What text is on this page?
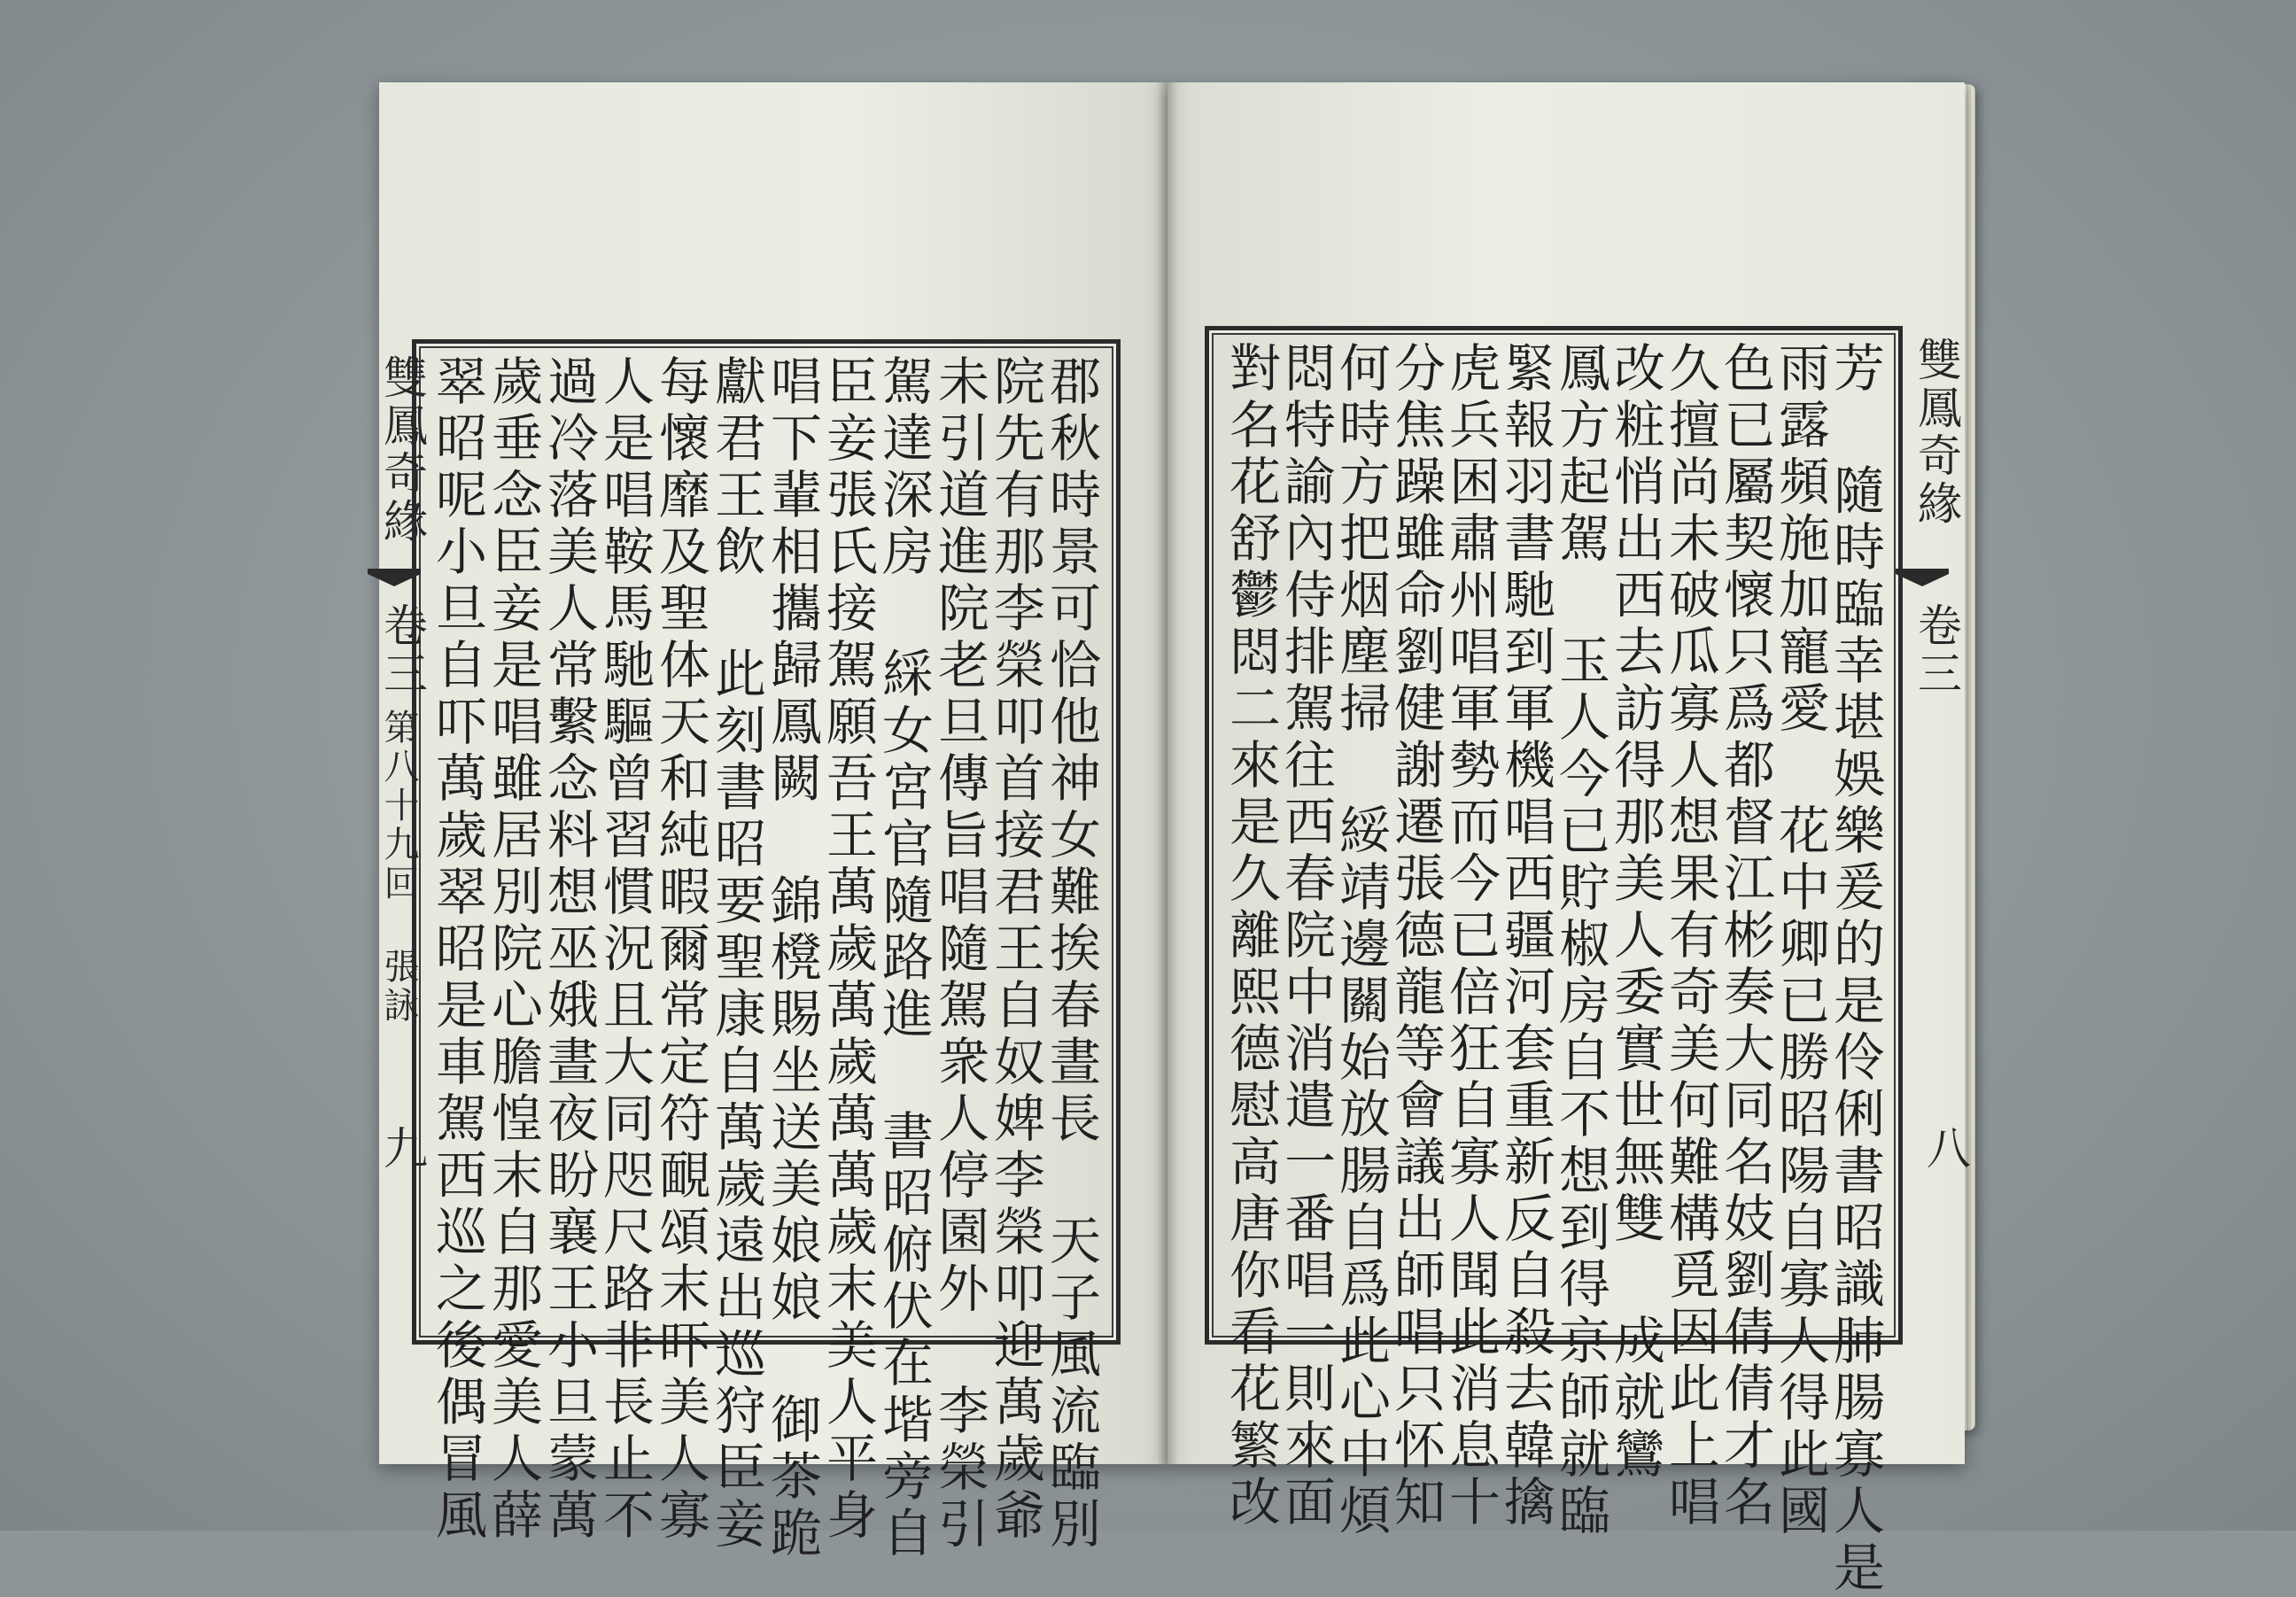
雙鳳奇緣
卷三
第八十九回 張詠
九	郡秋時景可恰他神女難挨春晝長 天子風流臨別
院先有那李榮叩首接君王自奴婢李榮叩迎萬歲爺
未引道進院老旦傳旨唱隨駕衆人停園外 李榮引
駕達深房 綵女宮官隨路進 書昭俯伏在堦旁自
臣妾張氏接駕願吾王萬歲萬歲萬萬歲末美人平身
唱下輩相攜歸鳳闕 錦櫈賜坐送美娘娘 御茶跪
獻君王飲 此刻書昭要聖康自萬歲遠出巡狩臣妾
每懷靡及聖体天和純暇爾常定符靦頌末吓美人寡
人是唱鞍馬馳驅曾習慣況且大同咫尺路非長止不
過冷落美人常繫念料想巫娥晝夜盼襄王小旦蒙萬
歲垂念臣妾是唱雖居別院心膽惶末自那愛美人薛
翠昭呢小旦自吓萬歲翠昭是車駕西巡之後偶冒風	雙鳳奇緣
卷三
八
芳 隨時臨幸堪娛樂爰的是伶俐書昭識肺腸寡人是
雨露頻施加寵愛 花中卿已勝昭陽自寡人得此國
色已屬契懷只爲都督江彬奏大同名妓劉倩倩才名
久擅尚未破瓜寡人想果有奇美何難構覓因此上唱
改粧悄出西去訪得那美人委實世無雙 成就鸞
鳳方起駕 玉人今已貯椒房自不想到得京師就臨
緊報羽書馳到軍機唱西疆河套重新反自殺去韓擒
虎兵困肅州唱軍勢而今已倍狂自寡人聞此消息十
分焦躁雖命劉健謝遷張德龍等會議出師唱只怀知
何時方把烟塵掃 綏靖邊關始放腸自爲此心中煩
悶特諭內侍排駕往西春院中消遣一番唱一則來面
對名花舒鬱悶二來是久離熙德慰高唐你看花繁改
